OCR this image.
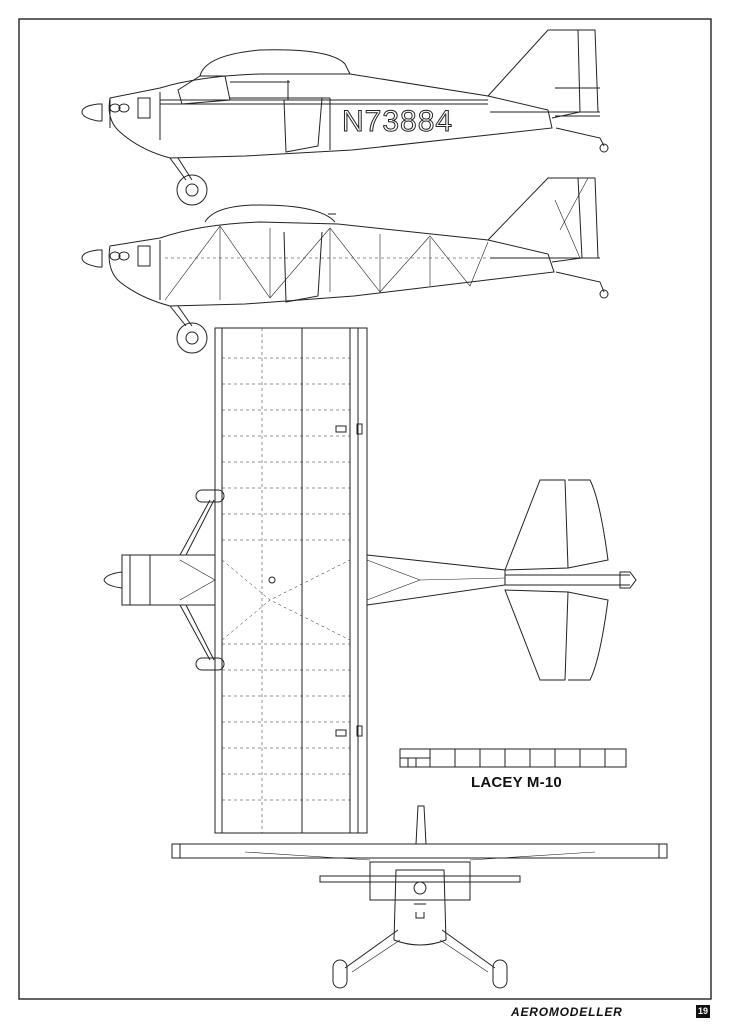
N73884
LACEY M-10
AEROMODELLER	19
